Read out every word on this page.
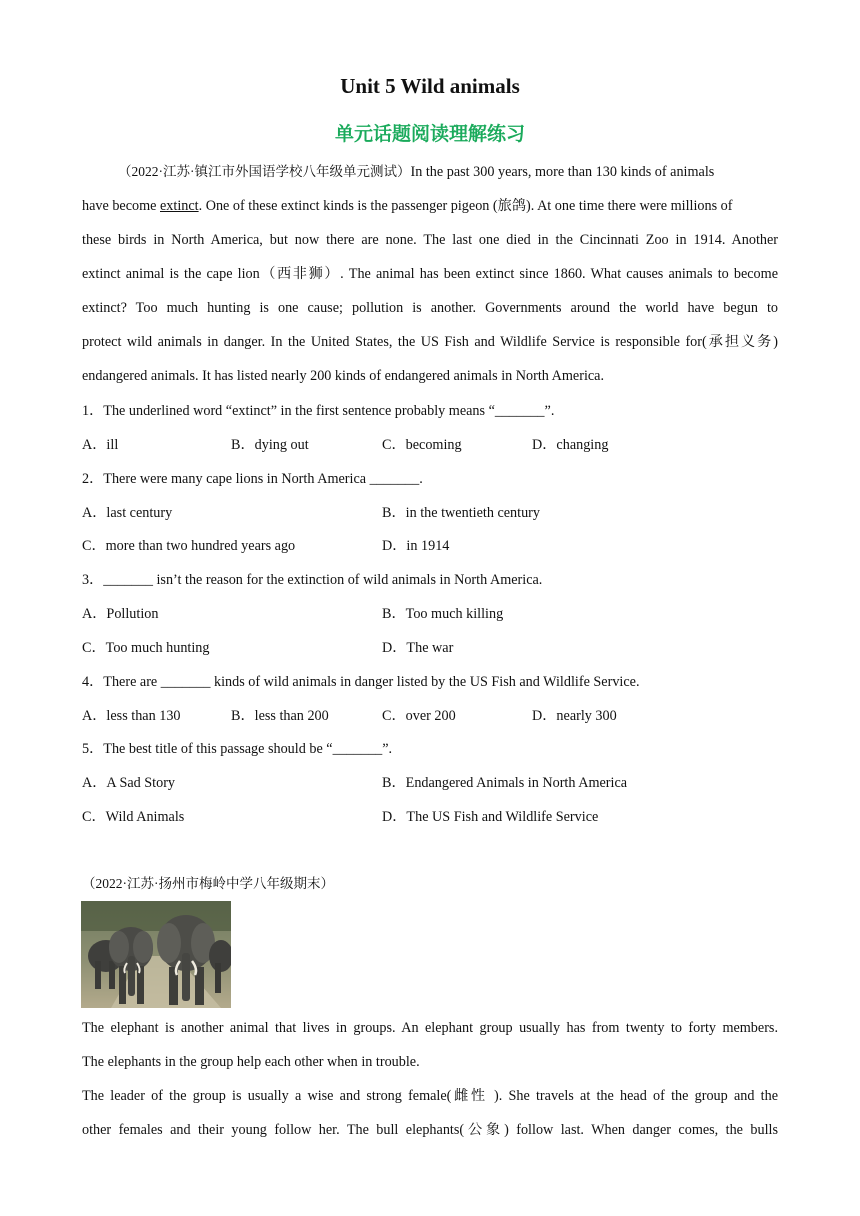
Unit 5 Wild animals
单元话题阅读理解练习
（2022·江苏·镇江市外国语学校八年级单元测试）In the past 300 years, more than 130 kinds of animals
have become extinct. One of these extinct kinds is the passenger pigeon (旅鸽). At one time there were millions of
these birds in North America, but now there are none. The last one died in the Cincinnati Zoo in 1914. Another
extinct animal is the cape lion（西非狮）. The animal has been extinct since 1860. What causes animals to become
extinct? Too much hunting is one cause; pollution is another. Governments around the world have begun to
protect wild animals in danger. In the United States, the US Fish and Wildlife Service is responsible for(承担义务)
endangered animals. It has listed nearly 200 kinds of endangered animals in North America.
1．The underlined word “extinct” in the first sentence probably means “_______”.
A．ill	B．dying out	C．becoming	D．changing
2．There were many cape lions in North America _______.
A．last century	B．in the twentieth century
C．more than two hundred years ago	D．in 1914
3．_______ isn’t the reason for the extinction of wild animals in North America.
A．Pollution	B．Too much killing
C．Too much hunting	D．The war
4．There are _______ kinds of wild animals in danger listed by the US Fish and Wildlife Service.
A．less than 130	B．less than 200	C．over 200	D．nearly 300
5．The best title of this passage should be “_______”.
A．A Sad Story	B．Endangered Animals in North America
C．Wild Animals	D．The US Fish and Wildlife Service
（2022·江苏·扬州市梅岭中学八年级期末）
The elephant is another animal that lives in groups. An elephant group usually has from twenty to forty members.
The elephants in the group help each other when in trouble.
The leader of the group is usually a wise and strong female(雌性 ). She travels at the head of the group and the
other females and their young follow her. The bull elephants(公象) follow last. When danger comes, the bulls
